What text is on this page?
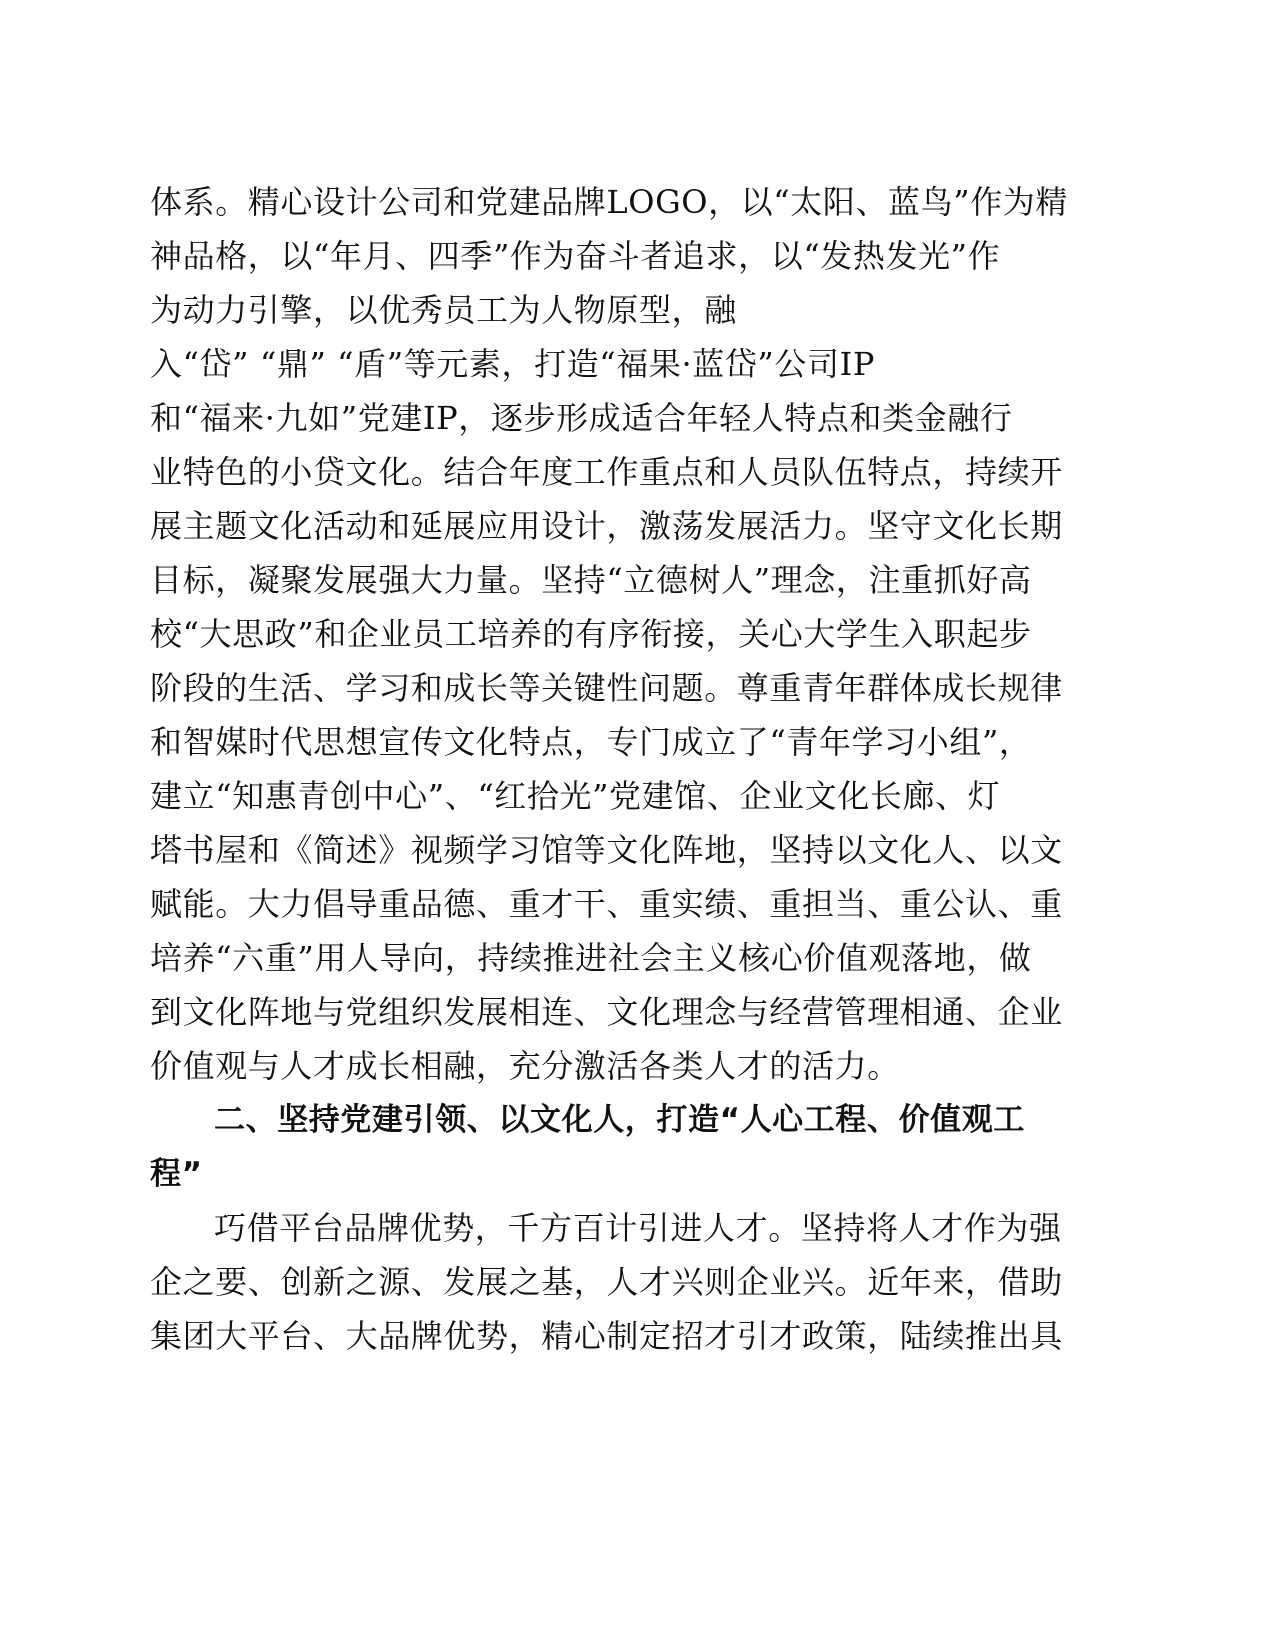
体系。精心设计公司和党建品牌LOGO，以“太阳、蓝鸟”作为精
神品格，以“年月、四季”作为奋斗者追求，以“发热发光”作
为动力引擎，以优秀员工为人物原型，融
入“岱” “鼎” “盾”等元素，打造“福果·蓝岱”公司IP
和“福来·九如”党建IP，逐步形成适合年轻人特点和类金融行
业特色的小贷文化。结合年度工作重点和人员队伍特点，持续开
展主题文化活动和延展应用设计，激荡发展活力。坚守文化长期
目标，凝聚发展强大力量。坚持“立德树人”理念，注重抓好高
校“大思政”和企业员工培养的有序衔接，关心大学生入职起步
阶段的生活、学习和成长等关键性问题。尊重青年群体成长规律
和智媒时代思想宣传文化特点，专门成立了“青年学习小组”，
建立“知惠青创中心”、“红拾光”党建馆、企业文化长廊、灯
塔书屋和《简述》视频学习馆等文化阵地，坚持以文化人、以文
赋能。大力倡导重品德、重才干、重实绩、重担当、重公认、重
培养“六重”用人导向，持续推进社会主义核心价值观落地，做
到文化阵地与党组织发展相连、文化理念与经营管理相通、企业
价值观与人才成长相融，充分激活各类人才的活力。
二、坚持党建引领、以文化人，打造“人心工程、价值观工
程”
巧借平台品牌优势，千方百计引进人才。坚持将人才作为强
企之要、创新之源、发展之基，人才兴则企业兴。近年来，借助
集团大平台、大品牌优势，精心制定招才引才政策，陆续推出具
